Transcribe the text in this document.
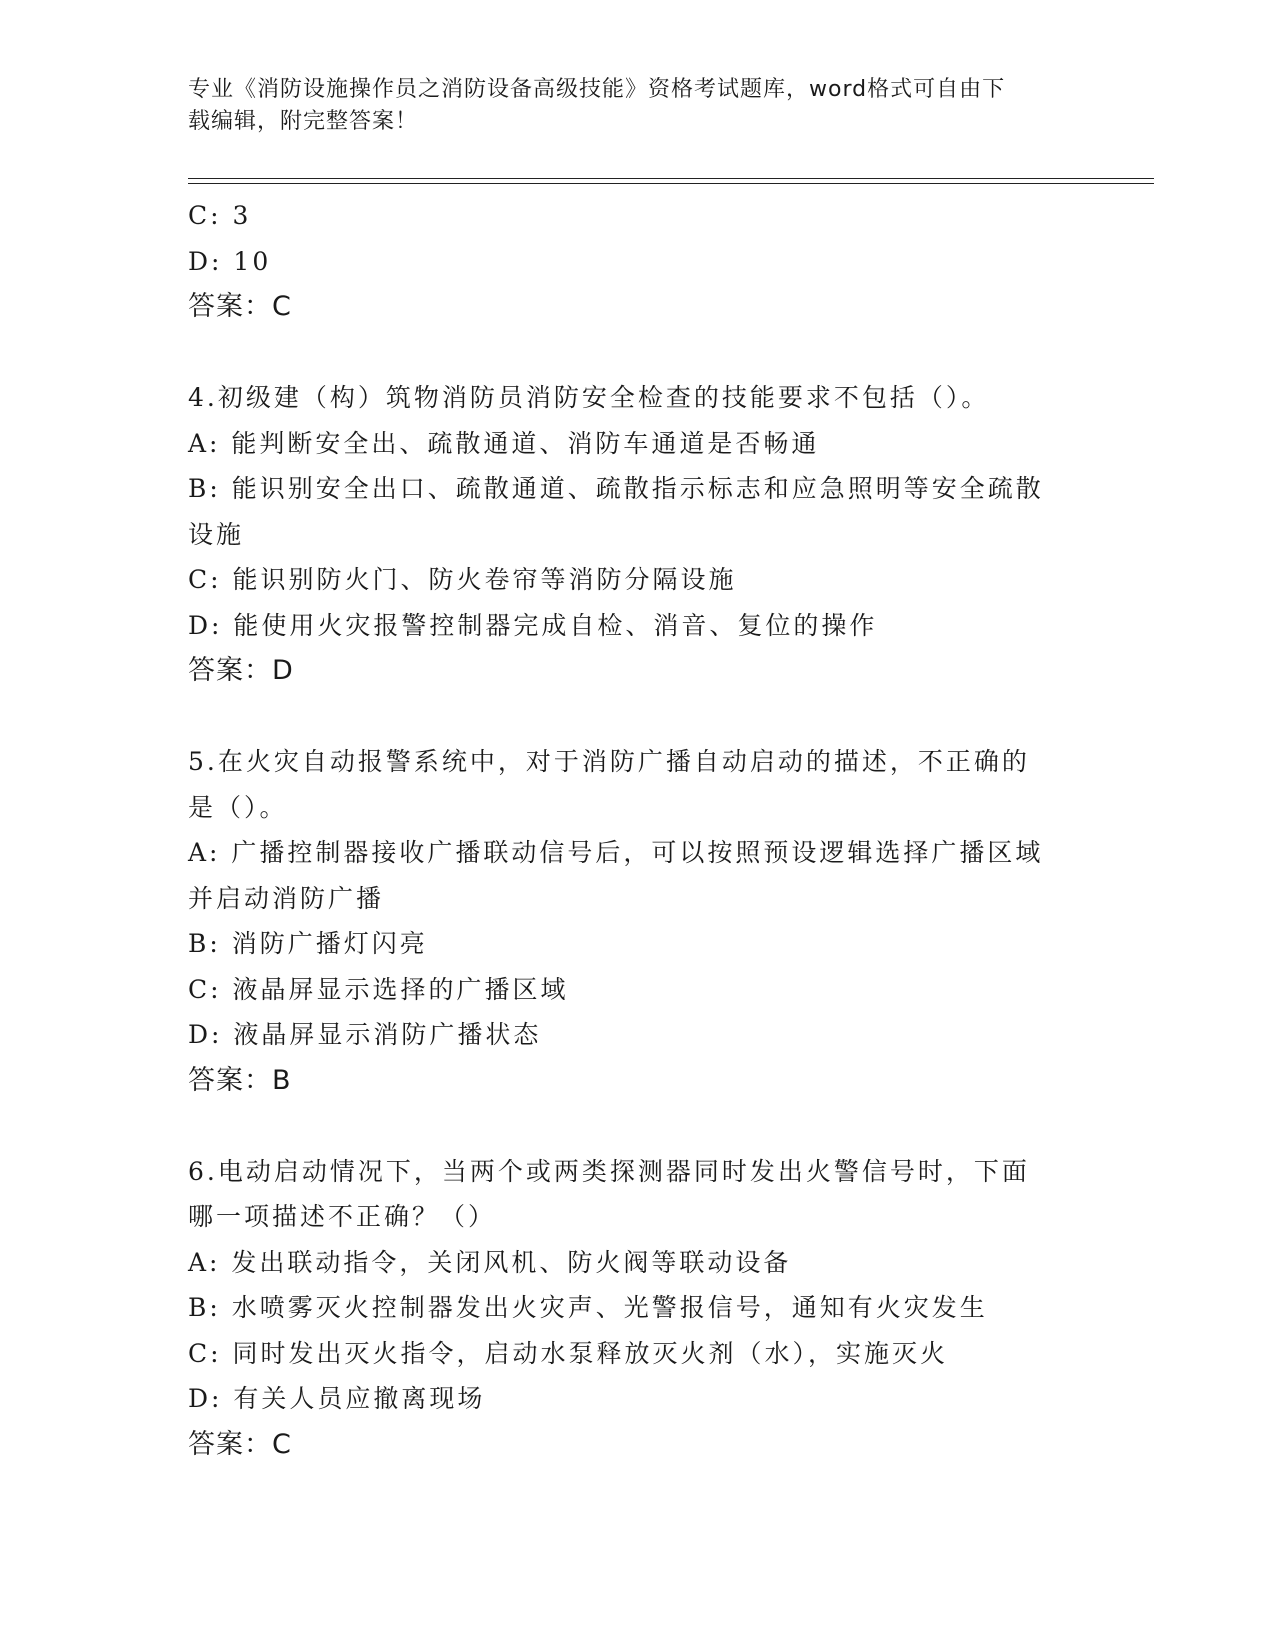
专业《消防设施操作员之消防设备高级技能》资格考试题库，word格式可自由下
载编辑，附完整答案！
C: 3
D: 10
答案：C
4.初级建（构）筑物消防员消防安全检查的技能要求不包括（）。
A: 能判断安全出、疏散通道、消防车通道是否畅通
B: 能识别安全出口、疏散通道、疏散指示标志和应急照明等安全疏散
设施
C: 能识别防火门、防火卷帘等消防分隔设施
D: 能使用火灾报警控制器完成自检、消音、复位的操作
答案：D
5.在火灾自动报警系统中，对于消防广播自动启动的描述，不正确的
是（）。
A: 广播控制器接收广播联动信号后，可以按照预设逻辑选择广播区域
并启动消防广播
B: 消防广播灯闪亮
C: 液晶屏显示选择的广播区域
D: 液晶屏显示消防广播状态
答案：B
6.电动启动情况下，当两个或两类探测器同时发出火警信号时，下面
哪一项描述不正确？（）
A: 发出联动指令，关闭风机、防火阀等联动设备
B: 水喷雾灭火控制器发出火灾声、光警报信号，通知有火灾发生
C: 同时发出灭火指令，启动水泵释放灭火剂（水），实施灭火
D: 有关人员应撤离现场
答案：C
